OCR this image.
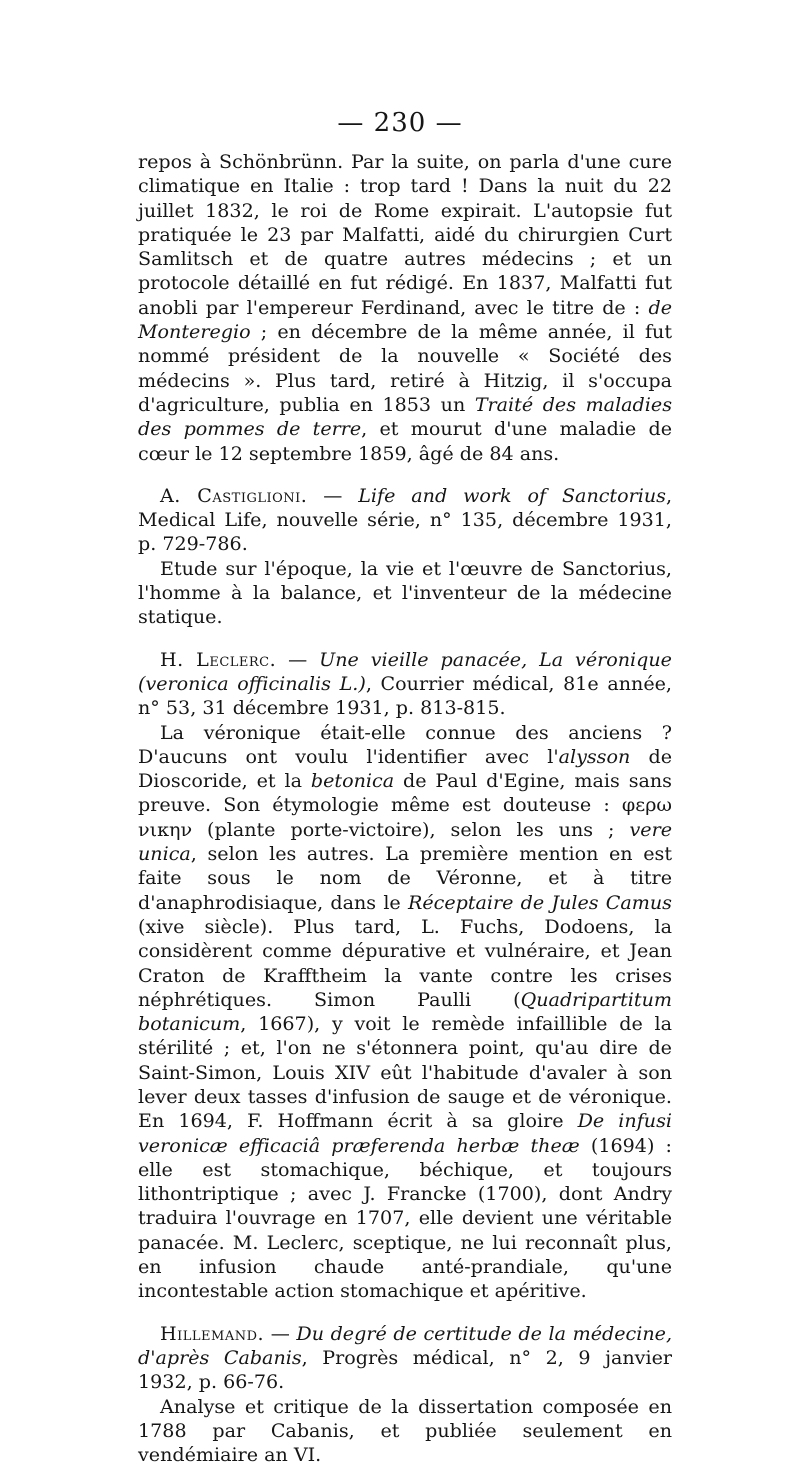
— 230 —

repos à Schönbrünn. Par la suite, on parla d'une cure climatique en Italie : trop tard ! Dans la nuit du 22 juillet 1832, le roi de Rome expirait. L'autopsie fut pratiquée le 23 par Malfatti, aidé du chirurgien Curt Samlitsch et de quatre autres médecins ; et un protocole détaillé en fut rédigé. En 1837, Malfatti fut anobli par l'empereur Ferdinand, avec le titre de : de Monteregio ; en décembre de la même année, il fut nommé président de la nouvelle « Société des médecins ». Plus tard, retiré à Hitzig, il s'occupa d'agriculture, publia en 1853 un Traité des maladies des pommes de terre, et mourut d'une maladie de cœur le 12 septembre 1859, âgé de 84 ans.

A. Castiglioni. — Life and work of Sanctorius, Medical Life, nouvelle série, n° 135, décembre 1931, p. 729-786.

Etude sur l'époque, la vie et l'œuvre de Sanctorius, l'homme à la balance, et l'inventeur de la médecine statique.

H. Leclerc. — Une vieille panacée, La véronique (veronica officinalis L.), Courrier médical, 81e année, n° 53, 31 décembre 1931, p. 813-815.

La véronique était-elle connue des anciens ? D'aucuns ont voulu l'identifier avec l'alysson de Dioscoride, et la betonica de Paul d'Egine, mais sans preuve. Son étymologie même est douteuse : φερω νικην (plante porte-victoire), selon les uns ; vere unica, selon les autres. La première mention en est faite sous le nom de Véronne, et à titre d'anaphrodisiaque, dans le Réceptaire de Jules Camus (xive siècle). Plus tard, L. Fuchs, Dodoens, la considèrent comme dépurative et vulnéraire, et Jean Craton de Krafftheim la vante contre les crises néphrétiques. Simon Paulli (Quadripartitum botanicum, 1667), y voit le remède infaillible de la stérilité ; et, l'on ne s'étonnera point, qu'au dire de Saint-Simon, Louis XIV eût l'habitude d'avaler à son lever deux tasses d'infusion de sauge et de véronique. En 1694, F. Hoffmann écrit à sa gloire De infusi veronicæ efficaciâ præferenda herbæ theæ (1694) : elle est stomachique, béchique, et toujours lithontriptique ; avec J. Francke (1700), dont Andry traduira l'ouvrage en 1707, elle devient une véritable panacée. M. Leclerc, sceptique, ne lui reconnaît plus, en infusion chaude anté-prandiale, qu'une incontestable action stomachique et apéritive.

Hillemand. — Du degré de certitude de la médecine, d'après Cabanis, Progrès médical, n° 2, 9 janvier 1932, p. 66-76.

Analyse et critique de la dissertation composée en 1788 par Cabanis, et publiée seulement en vendémiaire an VI.
